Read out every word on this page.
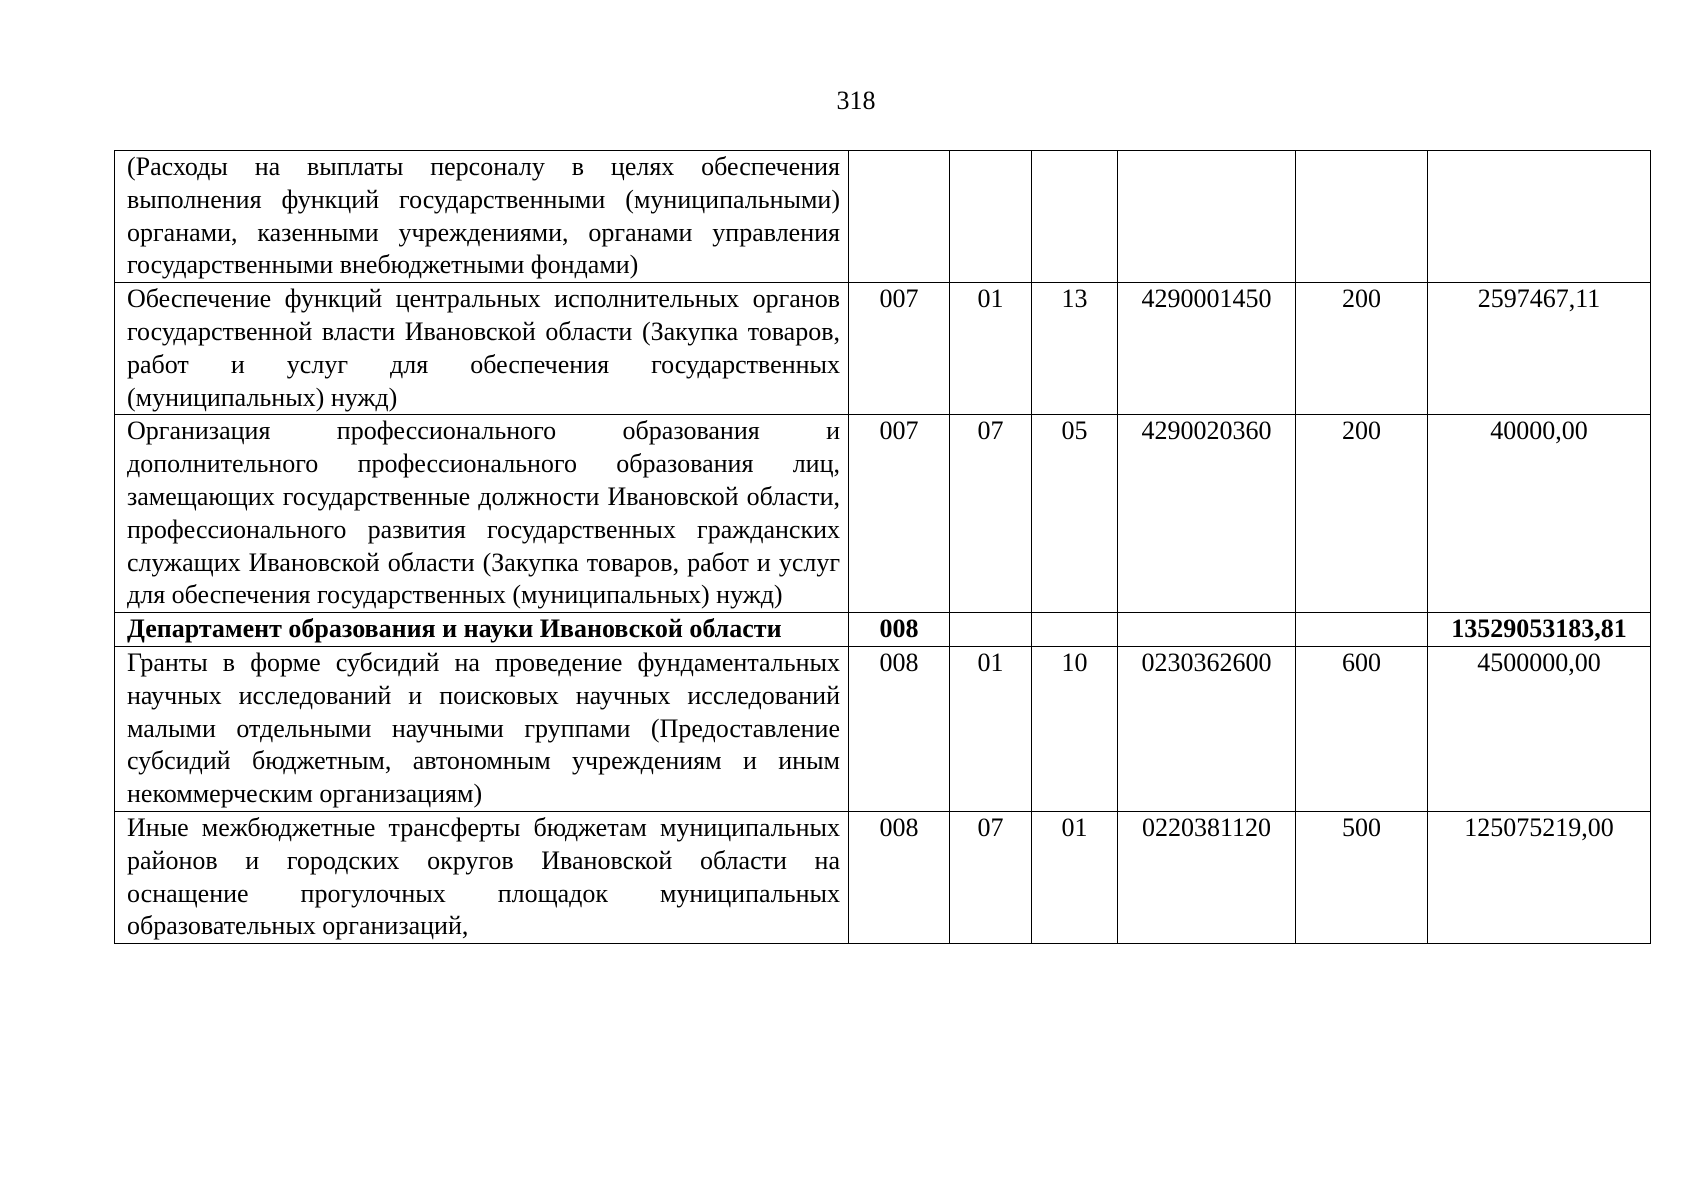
318
(Расходы на выплаты персоналу в целях обеспечения выполнения функций государственными (муниципальными) органами, казенными учреждениями, органами управления государственными внебюджетными фондами)						
Обеспечение функций центральных исполнительных органов государственной власти Ивановской области (Закупка товаров, работ и услуг для обеспечения государственных (муниципальных) нужд)	007	01	13	4290001450	200	2597467,11
Организация профессионального образования и дополнительного профессионального образования лиц, замещающих государственные должности Ивановской области, профессионального развития государственных гражданских служащих Ивановской области (Закупка товаров, работ и услуг для обеспечения государственных (муниципальных) нужд)	007	07	05	4290020360	200	40000,00
Департамент образования и науки Ивановской области	008					13529053183,81
Гранты в форме субсидий на проведение фундаментальных научных исследований и поисковых научных исследований малыми отдельными научными группами (Предоставление субсидий бюджетным, автономным учреждениям и иным некоммерческим организациям)	008	01	10	0230362600	600	4500000,00
Иные межбюджетные трансферты бюджетам муниципальных районов и городских округов Ивановской области на оснащение прогулочных площадок муниципальных образовательных организаций,	008	07	01	0220381120	500	125075219,00
